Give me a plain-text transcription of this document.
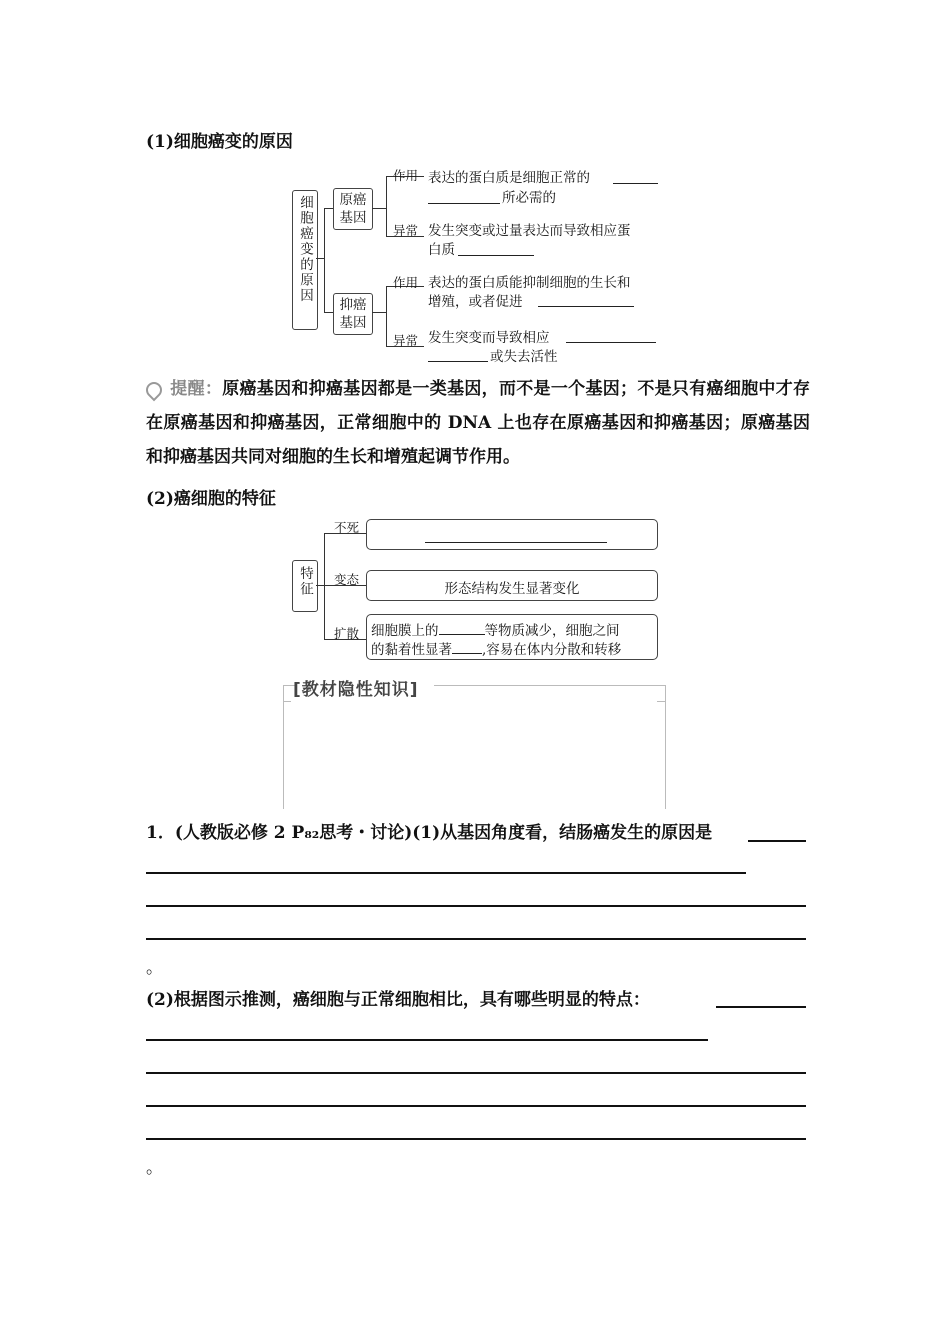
(1)细胞癌变的原因
细胞癌变的原因 原癌基因
抑癌基因
作用 表达的蛋白质是细胞正常的
所必需的
异常 发生突变或过量表达而导致相应蛋
白质
作用 表达的蛋白质能抑制细胞的生长和
增殖，或者促进
异常 发生突变而导致相应
或失去活性
提醒：原癌基因和抑癌基因都是一类基因，而不是一个基因；不是只有癌细胞中才存在原癌基因和抑癌基因，正常细胞中的 DNA 上也存在原癌基因和抑癌基因；原癌基因和抑癌基因共同对细胞的生长和增殖起调节作用。
(2)癌细胞的特征
特征
不死
变态
扩散
形态结构发生显著变化
细胞膜上的	等物质减少，细胞之间
的黏着性显著 ,容易在体内分散和转移
[教材隐性知识]
1．(人教版必修 2 P₈₂思考・讨论)(1)从基因角度看，结肠癌发生的原因是
。
(2)根据图示推测，癌细胞与正常细胞相比，具有哪些明显的特点：
。
